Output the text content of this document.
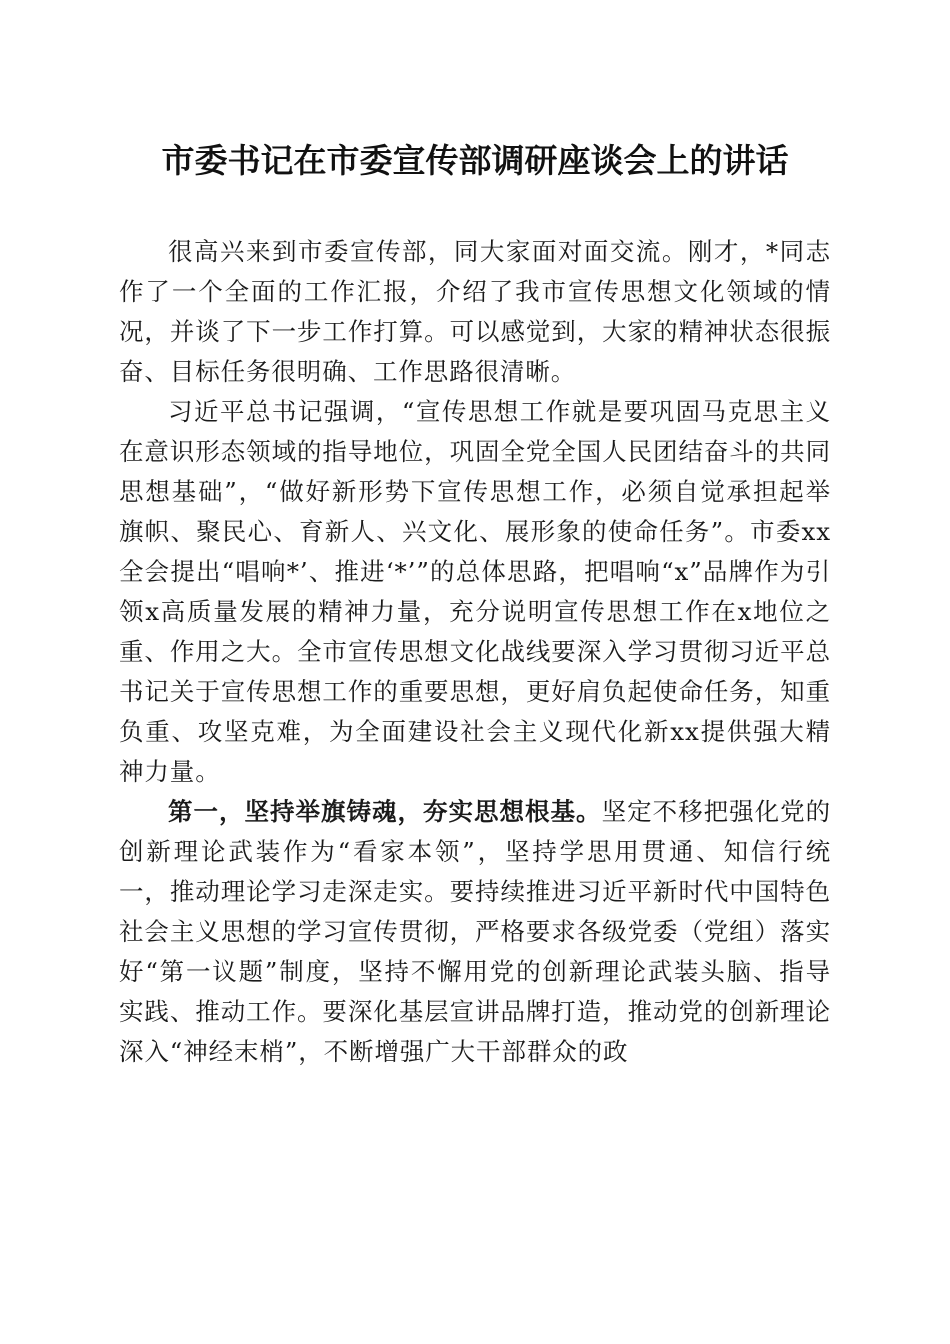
市委书记在市委宣传部调研座谈会上的讲话

很高兴来到市委宣传部，同大家面对面交流。刚才，*同志作了一个全面的工作汇报，介绍了我市宣传思想文化领域的情况，并谈了下一步工作打算。可以感觉到，大家的精神状态很振奋、目标任务很明确、工作思路很清晰。

习近平总书记强调，“宣传思想工作就是要巩固马克思主义在意识形态领域的指导地位，巩固全党全国人民团结奋斗的共同思想基础”，“做好新形势下宣传思想工作，必须自觉承担起举旗帜、聚民心、育新人、兴文化、展形象的使命任务”。市委xx全会提出“唱响*’、推进‘*’”的总体思路，把唱响“x”品牌作为引领x高质量发展的精神力量，充分说明宣传思想工作在x地位之重、作用之大。全市宣传思想文化战线要深入学习贯彻习近平总书记关于宣传思想工作的重要思想，更好肩负起使命任务，知重负重、攻坚克难，为全面建设社会主义现代化新xx提供强大精神力量。

第一，坚持举旗铸魂，夯实思想根基。坚定不移把强化党的创新理论武装作为“看家本领”，坚持学思用贯通、知信行统一，推动理论学习走深走实。要持续推进习近平新时代中国特色社会主义思想的学习宣传贯彻，严格要求各级党委（党组）落实好“第一议题”制度，坚持不懈用党的创新理论武装头脑、指导实践、推动工作。要深化基层宣讲品牌打造，推动党的创新理论深入“神经末梢”，不断增强广大干部群众的政
